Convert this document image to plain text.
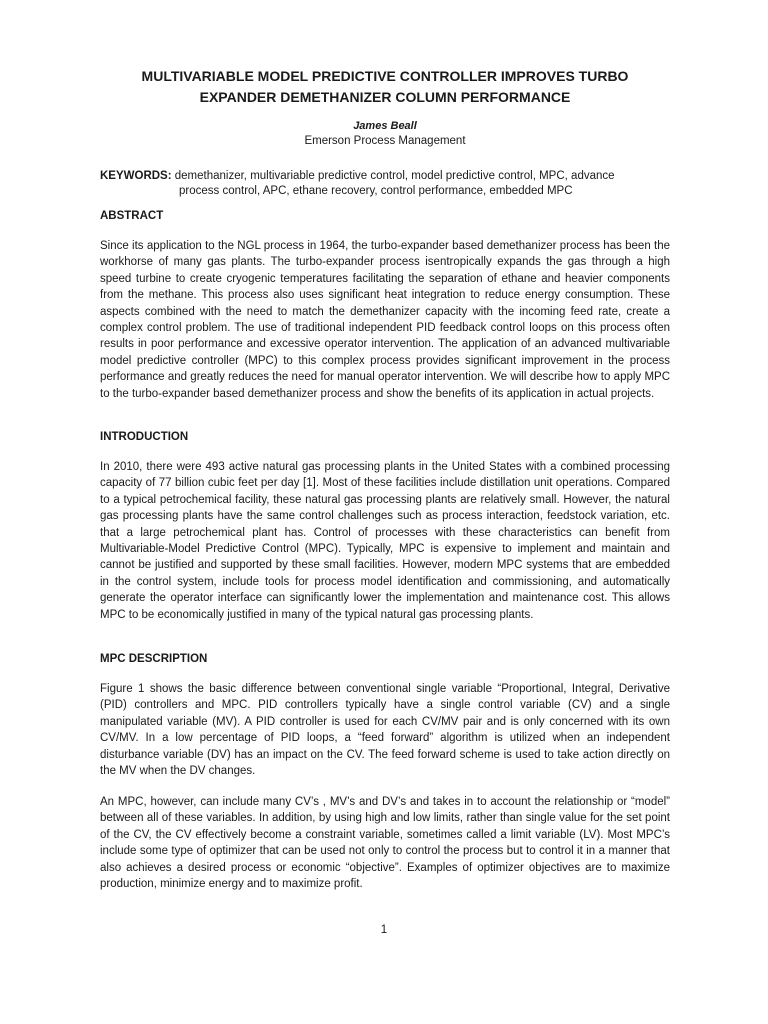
MULTIVARIABLE MODEL PREDICTIVE CONTROLLER IMPROVES TURBO
EXPANDER DEMETHANIZER COLUMN PERFORMANCE
James Beall
Emerson Process Management
KEYWORDS: demethanizer, multivariable predictive control, model predictive control, MPC, advance
process control, APC, ethane recovery, control performance, embedded MPC
ABSTRACT

Since its application to the NGL process in 1964, the turbo-expander based demethanizer process has been the workhorse of many gas plants. The turbo-expander process isentropically expands the gas through a high speed turbine to create cryogenic temperatures facilitating the separation of ethane and heavier components from the methane. This process also uses significant heat integration to reduce energy consumption. These aspects combined with the need to match the demethanizer capacity with the incoming feed rate, create a complex control problem. The use of traditional independent PID feedback control loops on this process often results in poor performance and excessive operator intervention. The application of an advanced multivariable model predictive controller (MPC) to this complex process provides significant improvement in the process performance and greatly reduces the need for manual operator intervention. We will describe how to apply MPC to the turbo-expander based demethanizer process and show the benefits of its application in actual projects.

INTRODUCTION

In 2010, there were 493 active natural gas processing plants in the United States with a combined processing capacity of 77 billion cubic feet per day [1]. Most of these facilities include distillation unit operations. Compared to a typical petrochemical facility, these natural gas processing plants are relatively small. However, the natural gas processing plants have the same control challenges such as process interaction, feedstock variation, etc. that a large petrochemical plant has. Control of processes with these characteristics can benefit from Multivariable-Model Predictive Control (MPC). Typically, MPC is expensive to implement and maintain and cannot be justified and supported by these small facilities. However, modern MPC systems that are embedded in the control system, include tools for process model identification and commissioning, and automatically generate the operator interface can significantly lower the implementation and maintenance cost. This allows MPC to be economically justified in many of the typical natural gas processing plants.

MPC DESCRIPTION

Figure 1 shows the basic difference between conventional single variable “Proportional, Integral, Derivative (PID) controllers and MPC. PID controllers typically have a single control variable (CV) and a single manipulated variable (MV). A PID controller is used for each CV/MV pair and is only concerned with its own CV/MV. In a low percentage of PID loops, a “feed forward” algorithm is utilized when an independent disturbance variable (DV) has an impact on the CV. The feed forward scheme is used to take action directly on the MV when the DV changes.

An MPC, however, can include many CV’s , MV’s and DV’s and takes in to account the relationship or “model” between all of these variables. In addition, by using high and low limits, rather than single value for the set point of the CV, the CV effectively become a constraint variable, sometimes called a limit variable (LV). Most MPC’s include some type of optimizer that can be used not only to control the process but to control it in a manner that also achieves a desired process or economic “objective”. Examples of optimizer objectives are to maximize production, minimize energy and to maximize profit.

1
